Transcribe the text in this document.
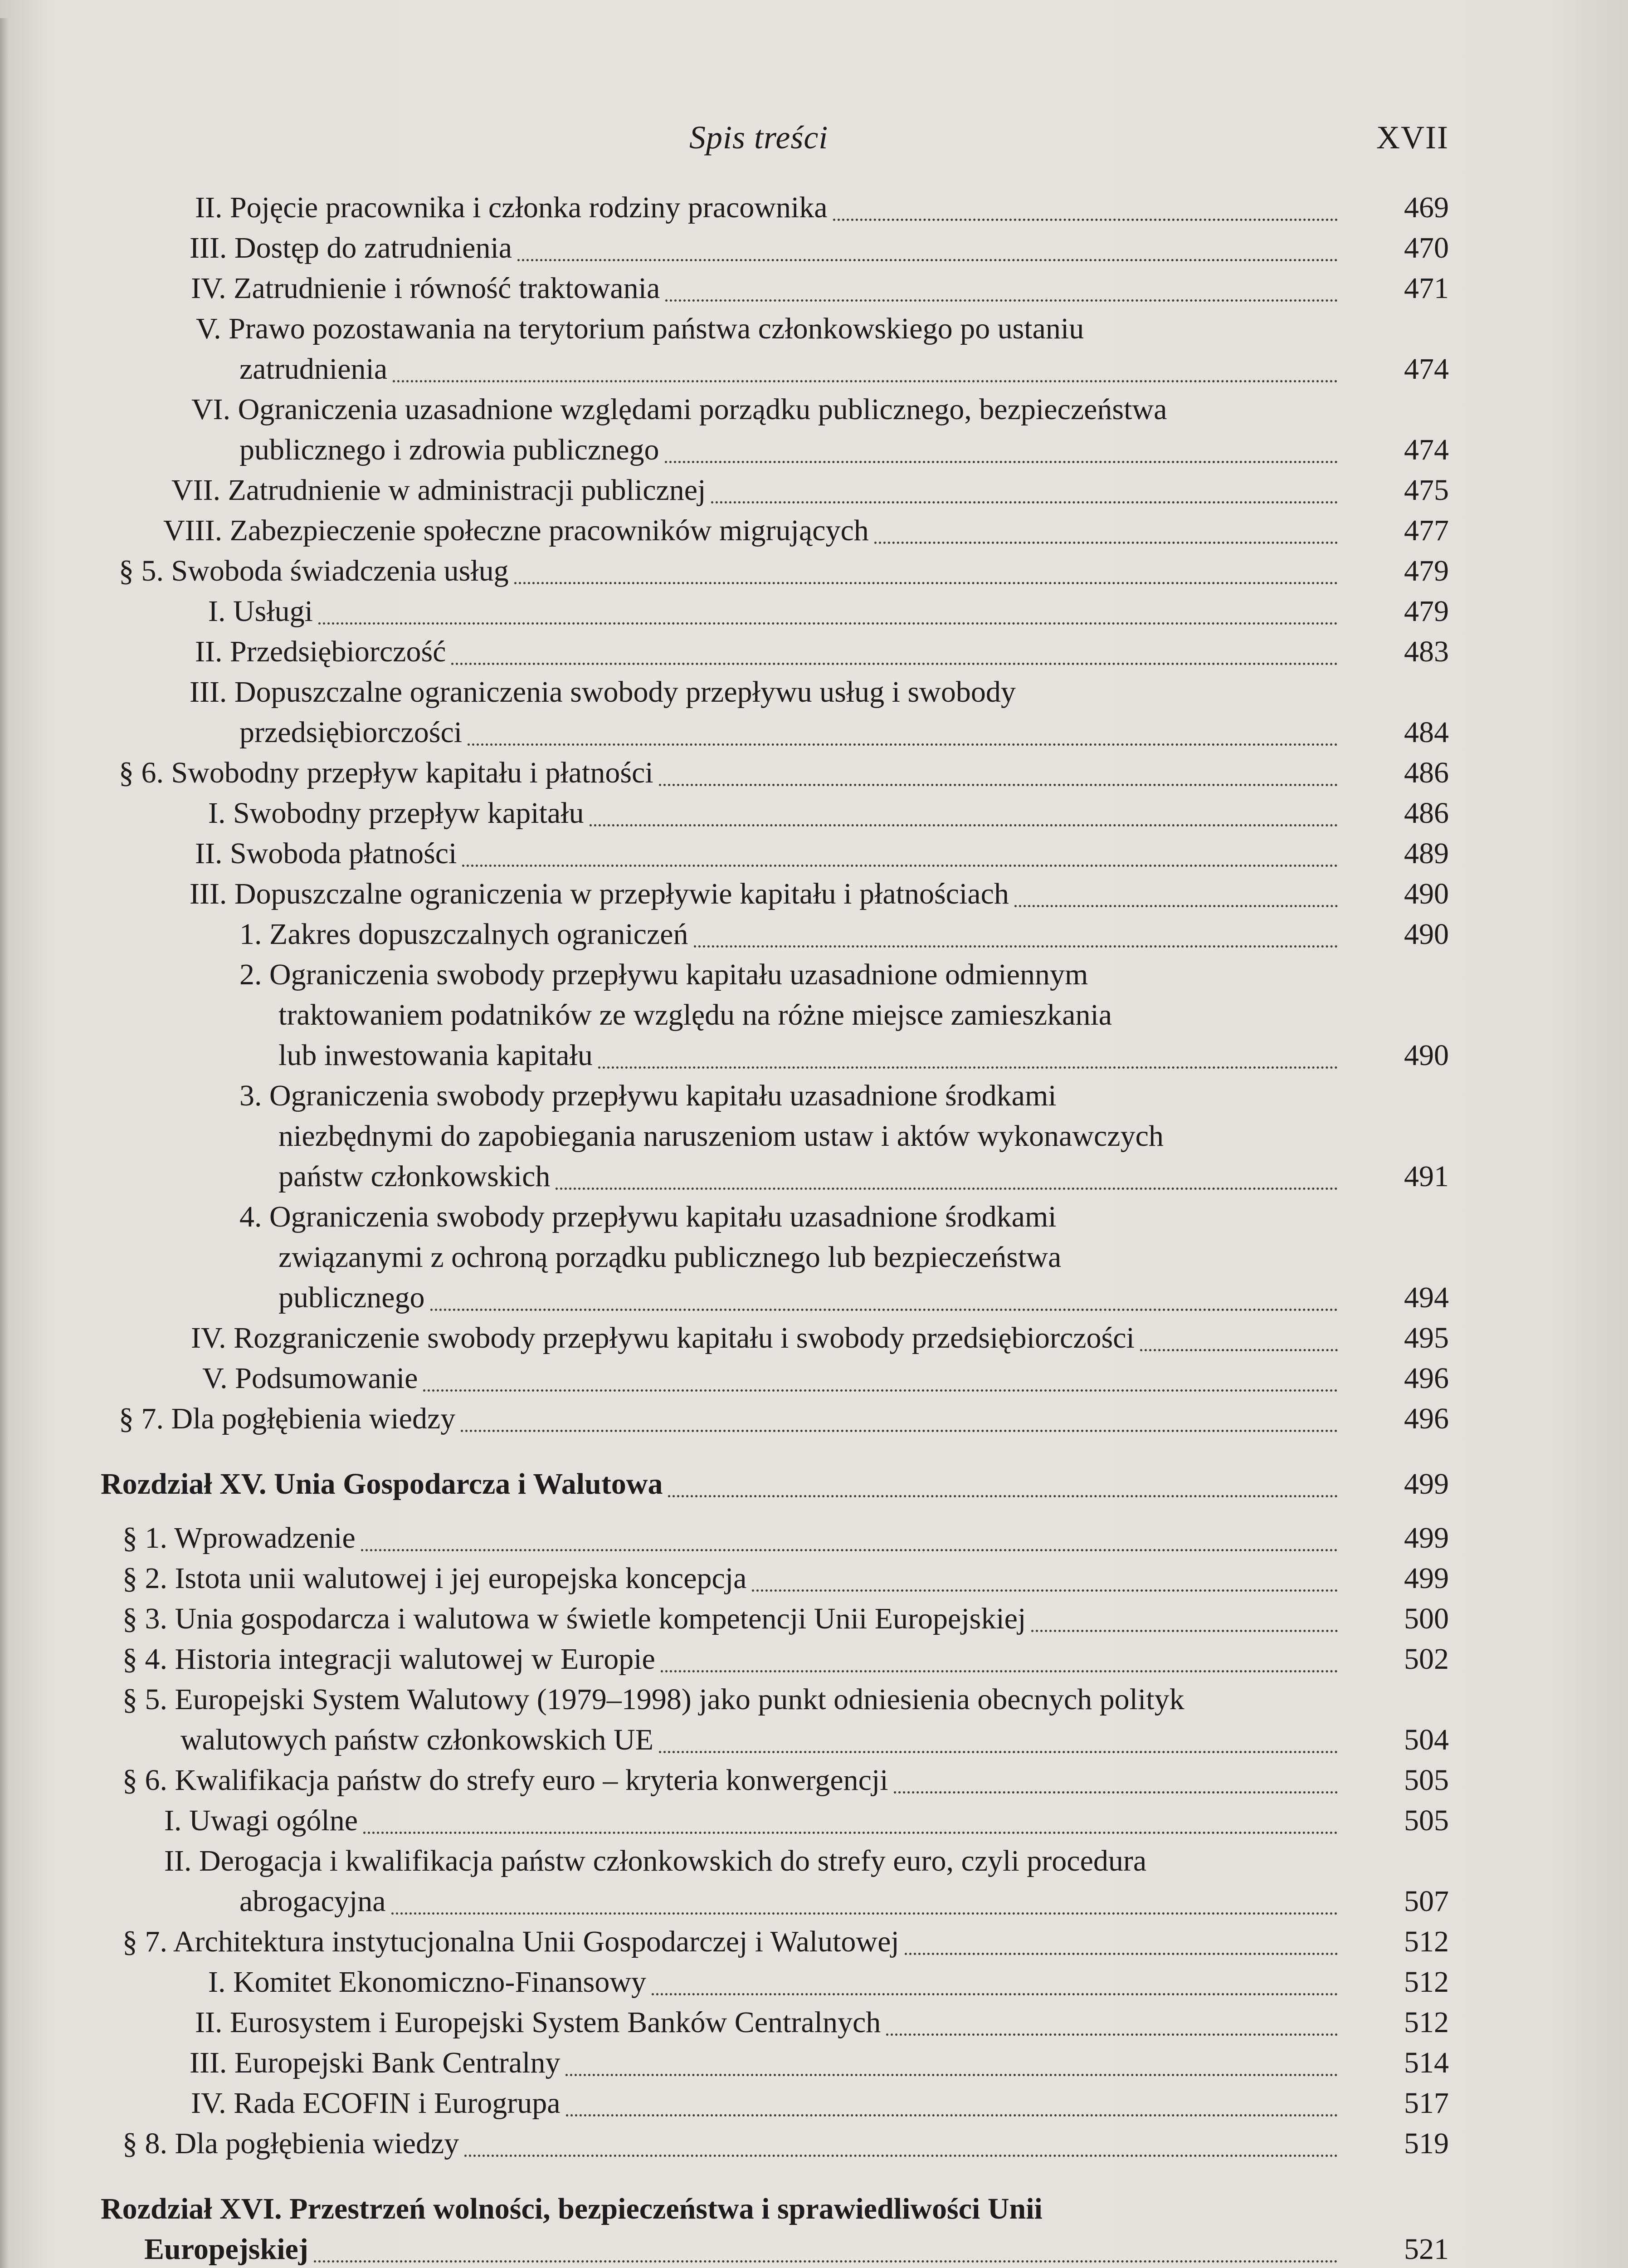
Spis treści	XVII
II. Pojęcie pracownika i członka rodziny pracownika	469
III. Dostęp do zatrudnienia	470
IV. Zatrudnienie i równość traktowania	471
V. Prawo pozostawania na terytorium państwa członkowskiego po ustaniu
zatrudnienia	474
VI. Ograniczenia uzasadnione względami porządku publicznego, bezpieczeństwa
publicznego i zdrowia publicznego	474
VII. Zatrudnienie w administracji publicznej	475
VIII. Zabezpieczenie społeczne pracowników migrujących	477
§ 5. Swoboda świadczenia usług	479
I. Usługi	479
II. Przedsiębiorczość	483
III. Dopuszczalne ograniczenia swobody przepływu usług i swobody
przedsiębiorczości	484
§ 6. Swobodny przepływ kapitału i płatności	486
I. Swobodny przepływ kapitału	486
II. Swoboda płatności	489
III. Dopuszczalne ograniczenia w przepływie kapitału i płatnościach	490
1. Zakres dopuszczalnych ograniczeń	490
2. Ograniczenia swobody przepływu kapitału uzasadnione odmiennym
traktowaniem podatników ze względu na różne miejsce zamieszkania
lub inwestowania kapitału	490
3. Ograniczenia swobody przepływu kapitału uzasadnione środkami
niezbędnymi do zapobiegania naruszeniom ustaw i aktów wykonawczych
państw członkowskich	491
4. Ograniczenia swobody przepływu kapitału uzasadnione środkami
związanymi z ochroną porządku publicznego lub bezpieczeństwa
publicznego	494
IV. Rozgraniczenie swobody przepływu kapitału i swobody przedsiębiorczości	495
V. Podsumowanie	496
§ 7. Dla pogłębienia wiedzy	496
Rozdział XV. Unia Gospodarcza i Walutowa	499
§ 1. Wprowadzenie	499
§ 2. Istota unii walutowej i jej europejska koncepcja	499
§ 3. Unia gospodarcza i walutowa w świetle kompetencji Unii Europejskiej	500
§ 4. Historia integracji walutowej w Europie	502
§ 5. Europejski System Walutowy (1979–1998) jako punkt odniesienia obecnych polityk
walutowych państw członkowskich UE	504
§ 6. Kwalifikacja państw do strefy euro – kryteria konwergencji	505
I. Uwagi ogólne	505
II. Derogacja i kwalifikacja państw członkowskich do strefy euro, czyli procedura
abrogacyjna	507
§ 7. Architektura instytucjonalna Unii Gospodarczej i Walutowej	512
I. Komitet Ekonomiczno-Finansowy	512
II. Eurosystem i Europejski System Banków Centralnych	512
III. Europejski Bank Centralny	514
IV. Rada ECOFIN i Eurogrupa	517
§ 8. Dla pogłębienia wiedzy	519
Rozdział XVI. Przestrzeń wolności, bezpieczeństwa i sprawiedliwości Unii
Europejskiej	521
